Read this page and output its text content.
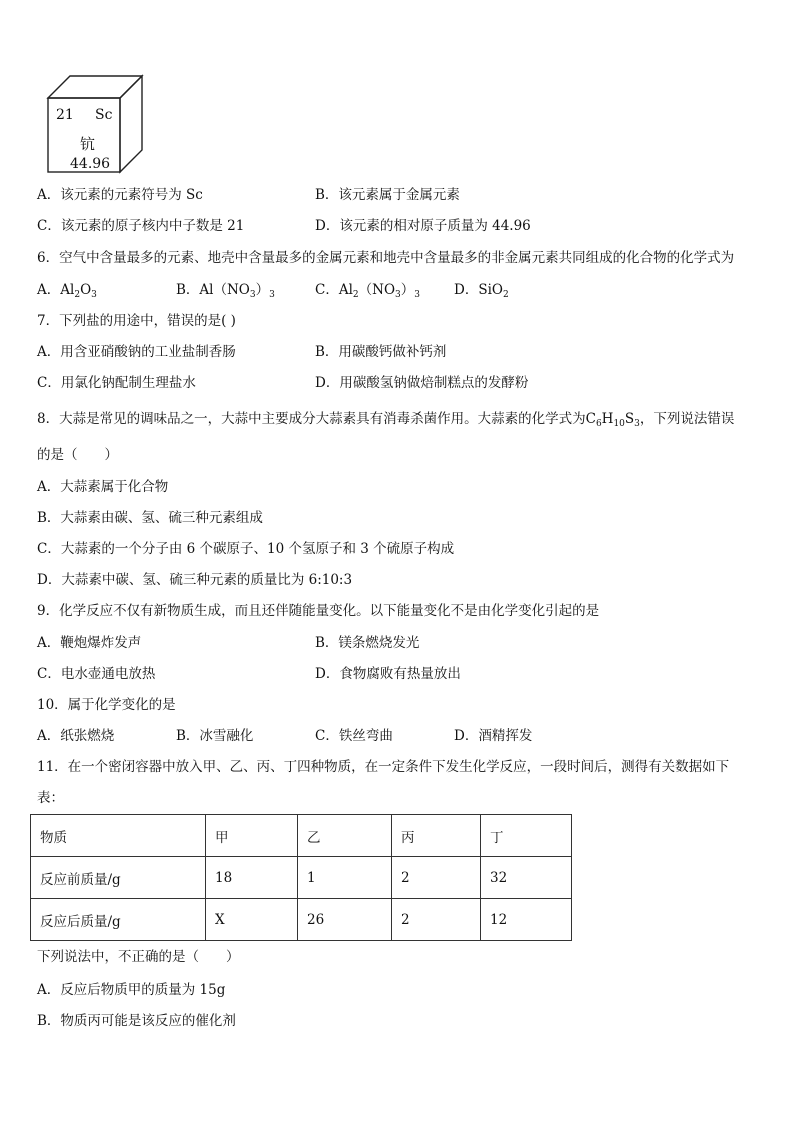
21 Sc
钪
44.96
A．该元素的元素符号为 Sc	B．该元素属于金属元素
C．该元素的原子核内中子数是 21	D．该元素的相对原子质量为 44.96
6．空气中含量最多的元素、地壳中含量最多的金属元素和地壳中含量最多的非金属元素共同组成的化合物的化学式为
A．$Al_2O_3$	B．$Al(NO_3)_3$	C．$Al_2(NO_3)_3$	D．SiO$_2$
7．下列盐的用途中，错误的是( )
A．用含亚硝酸钠的工业盐制香肠	B．用碳酸钙做补钙剂
C．用氯化钠配制生理盐水	D．用碳酸氢钠做焙制糕点的发酵粉
8．大蒜是常见的调味品之一，大蒜中主要成分大蒜素具有消毒杀菌作用。大蒜素的化学式为$C_6H_{10}S_3$，下列说法错误
的是（　　）
A．大蒜素属于化合物
B．大蒜素由碳、氢、硫三种元素组成
C．大蒜素的一个分子由 6 个碳原子、10 个氢原子和 3 个硫原子构成
D．大蒜素中碳、氢、硫三种元素的质量比为 6:10:3
9．化学反应不仅有新物质生成，而且还伴随能量变化。以下能量变化不是由化学变化引起的是
A．鞭炮爆炸发声	B．镁条燃烧发光
C．电水壶通电放热	D．食物腐败有热量放出
10．属于化学变化的是
A．纸张燃烧	B．冰雪融化	C．铁丝弯曲	D．酒精挥发
11．在一个密闭容器中放入甲、乙、丙、丁四种物质，在一定条件下发生化学反应，一段时间后，测得有关数据如下
表：
物质	甲	乙	丙	丁
反应前质量/g	18	1	2	32
反应后质量/g	X	26	2	12
下列说法中，不正确的是（　　）
A．反应后物质甲的质量为 15g
B．物质丙可能是该反应的催化剂
